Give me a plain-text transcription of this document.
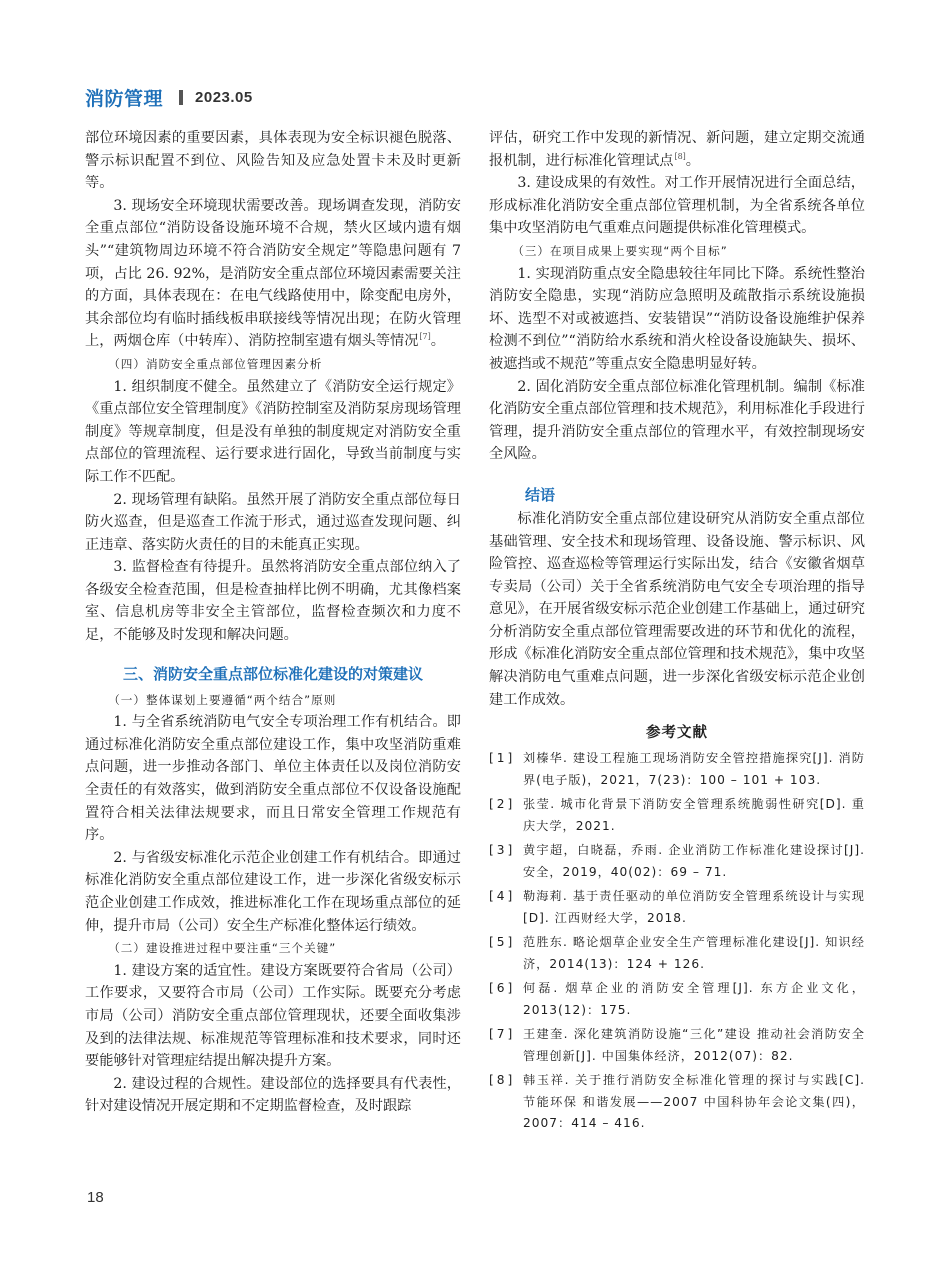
消防管理 2023.05

部位环境因素的重要因素，具体表现为安全标识褪色脱落、警示标识配置不到位、风险告知及应急处置卡未及时更新等。

3. 现场安全环境现状需要改善。现场调查发现，消防安全重点部位“消防设备设施环境不合规，禁火区域内遗有烟头”“建筑物周边环境不符合消防安全规定”等隐患问题有 7 项，占比 26. 92%，是消防安全重点部位环境因素需要关注的方面，具体表现在：在电气线路使用中，除变配电房外，其余部位均有临时插线板串联接线等情况出现；在防火管理上，两烟仓库（中转库）、消防控制室遗有烟头等情况[7]。

（四）消防安全重点部位管理因素分析

1. 组织制度不健全。虽然建立了《消防安全运行规定》《重点部位安全管理制度》《消防控制室及消防泵房现场管理制度》等规章制度，但是没有单独的制度规定对消防安全重点部位的管理流程、运行要求进行固化，导致当前制度与实际工作不匹配。

2. 现场管理有缺陷。虽然开展了消防安全重点部位每日防火巡查，但是巡查工作流于形式，通过巡查发现问题、纠正违章、落实防火责任的目的未能真正实现。

3. 监督检查有待提升。虽然将消防安全重点部位纳入了各级安全检查范围，但是检查抽样比例不明确，尤其像档案室、信息机房等非安全主管部位，监督检查频次和力度不足，不能够及时发现和解决问题。

三、消防安全重点部位标准化建设的对策建议

（一）整体谋划上要遵循“两个结合”原则

1. 与全省系统消防电气安全专项治理工作有机结合。即通过标准化消防安全重点部位建设工作，集中攻坚消防重难点问题，进一步推动各部门、单位主体责任以及岗位消防安全责任的有效落实，做到消防安全重点部位不仅设备设施配置符合相关法律法规要求，而且日常安全管理工作规范有序。

2. 与省级安标准化示范企业创建工作有机结合。即通过标准化消防安全重点部位建设工作，进一步深化省级安标示范企业创建工作成效，推进标准化工作在现场重点部位的延伸，提升市局（公司）安全生产标准化整体运行绩效。

（二）建设推进过程中要注重“三个关键”

1. 建设方案的适宜性。建设方案既要符合省局（公司）工作要求，又要符合市局（公司）工作实际。既要充分考虑市局（公司）消防安全重点部位管理现状，还要全面收集涉及到的法律法规、标准规范等管理标准和技术要求，同时还要能够针对管理症结提出解决提升方案。

2. 建设过程的合规性。建设部位的选择要具有代表性，针对建设情况开展定期和不定期监督检查，及时跟踪

评估，研究工作中发现的新情况、新问题，建立定期交流通报机制，进行标准化管理试点[8]。

3. 建设成果的有效性。对工作开展情况进行全面总结，形成标准化消防安全重点部位管理机制，为全省系统各单位集中攻坚消防电气重难点问题提供标准化管理模式。

（三）在项目成果上要实现“两个目标”

1. 实现消防重点安全隐患较往年同比下降。系统性整治消防安全隐患，实现“消防应急照明及疏散指示系统设施损坏、选型不对或被遮挡、安装错误”“消防设备设施维护保养检测不到位”“消防给水系统和消火栓设备设施缺失、损坏、被遮挡或不规范”等重点安全隐患明显好转。

2. 固化消防安全重点部位标准化管理机制。编制《标准化消防安全重点部位管理和技术规范》，利用标准化手段进行管理，提升消防安全重点部位的管理水平，有效控制现场安全风险。

结语

标准化消防安全重点部位建设研究从消防安全重点部位基础管理、安全技术和现场管理、设备设施、警示标识、风险管控、巡查巡检等管理运行实际出发，结合《安徽省烟草专卖局（公司）关于全省系统消防电气安全专项治理的指导意见》，在开展省级安标示范企业创建工作基础上，通过研究分析消防安全重点部位管理需要改进的环节和优化的流程，形成《标准化消防安全重点部位管理和技术规范》，集中攻坚解决消防电气重难点问题，进一步深化省级安标示范企业创建工作成效。

参考文献
[1] 刘榛华. 建设工程施工现场消防安全管控措施探究[J]. 消防界(电子版)，2021，7(23)：100 – 101 + 103.
[2] 张莹. 城市化背景下消防安全管理系统脆弱性研究[D]. 重庆大学，2021.
[3] 黄宇超，白晓磊，乔雨. 企业消防工作标准化建设探讨[J]. 安全，2019，40(02)：69 – 71.
[4] 勒海莉. 基于责任驱动的单位消防安全管理系统设计与实现[D]. 江西财经大学，2018.
[5] 范胜东. 略论烟草企业安全生产管理标准化建设[J]. 知识经济，2014(13)：124 + 126.
[6] 何磊. 烟草企业的消防安全管理[J]. 东方企业文化，2013(12)：175.
[7] 王建奎. 深化建筑消防设施“三化”建设 推动社会消防安全管理创新[J]. 中国集体经济，2012(07)：82.
[8] 韩玉祥. 关于推行消防安全标准化管理的探讨与实践[C]. 节能环保 和谐发展——2007 中国科协年会论文集(四)，2007：414 – 416.
18
